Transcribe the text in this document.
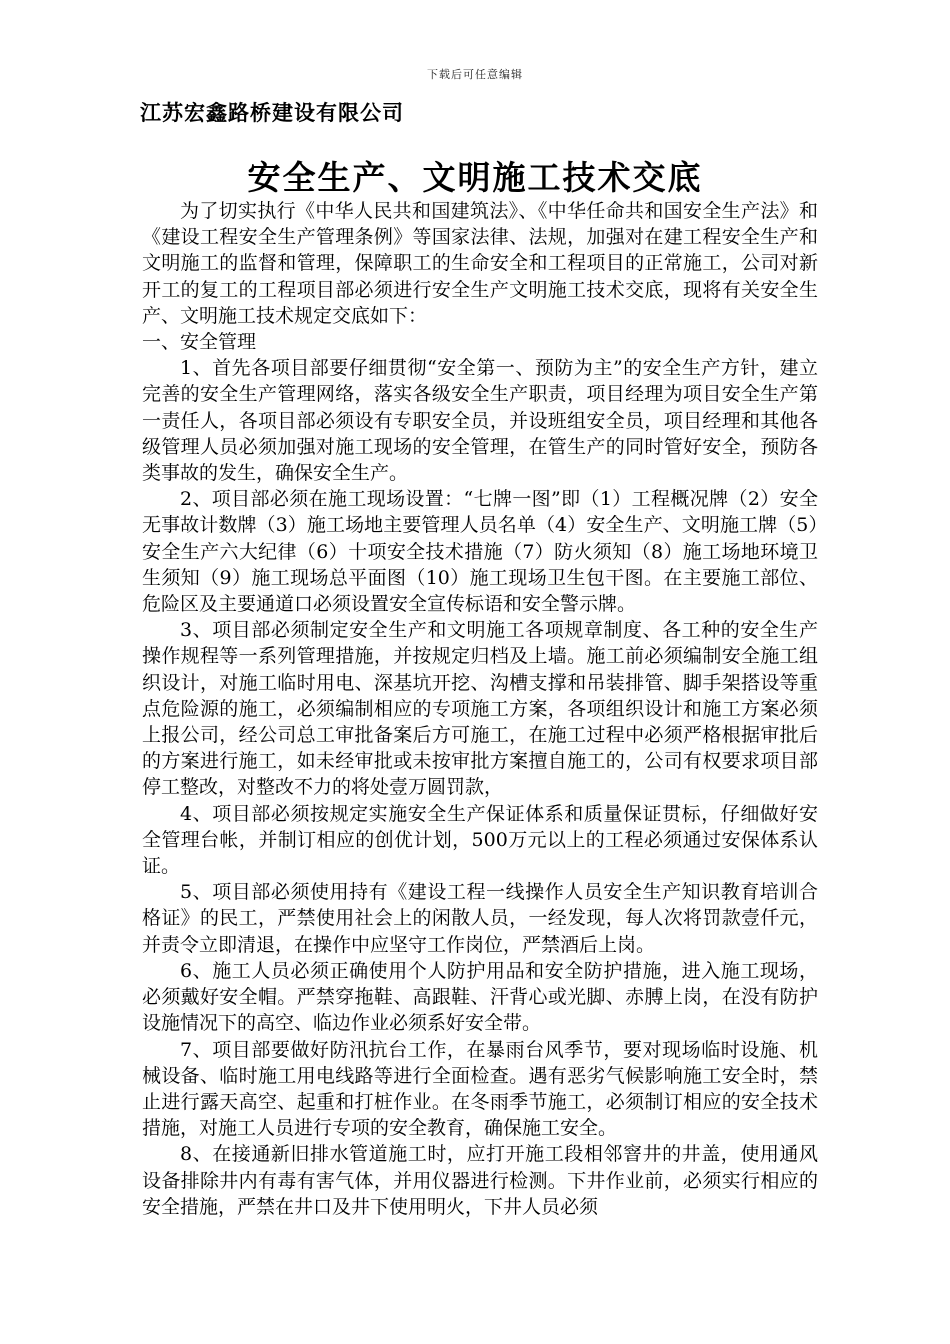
下载后可任意编辑
江苏宏鑫路桥建设有限公司
安全生产、文明施工技术交底

为了切实执行《中华人民共和国建筑法》、《中华任命共和国安全生产法》和《建设工程安全生产管理条例》等国家法律、法规，加强对在建工程安全生产和文明施工的监督和管理，保障职工的生命安全和工程项目的正常施工，公司对新开工的复工的工程项目部必须进行安全生产文明施工技术交底，现将有关安全生产、文明施工技术规定交底如下：

一、安全管理

1、首先各项目部要仔细贯彻“安全第一、预防为主”的安全生产方针，建立完善的安全生产管理网络，落实各级安全生产职责，项目经理为项目安全生产第一责任人，各项目部必须设有专职安全员，并设班组安全员，项目经理和其他各级管理人员必须加强对施工现场的安全管理，在管生产的同时管好安全，预防各类事故的发生，确保安全生产。

2、项目部必须在施工现场设置：“七牌一图”即（1）工程概况牌（2）安全无事故计数牌（3）施工场地主要管理人员名单（4）安全生产、文明施工牌（5）安全生产六大纪律（6）十项安全技术措施（7）防火须知（8）施工场地环境卫生须知（9）施工现场总平面图（10）施工现场卫生包干图。在主要施工部位、危险区及主要通道口必须设置安全宣传标语和安全警示牌。

3、项目部必须制定安全生产和文明施工各项规章制度、各工种的安全生产操作规程等一系列管理措施，并按规定归档及上墙。施工前必须编制安全施工组织设计，对施工临时用电、深基坑开挖、沟槽支撑和吊装排管、脚手架搭设等重点危险源的施工，必须编制相应的专项施工方案，各项组织设计和施工方案必须上报公司，经公司总工审批备案后方可施工，在施工过程中必须严格根据审批后的方案进行施工，如未经审批或未按审批方案擅自施工的，公司有权要求项目部停工整改，对整改不力的将处壹万圆罚款，

4、项目部必须按规定实施安全生产保证体系和质量保证贯标，仔细做好安全管理台帐，并制订相应的创优计划，500万元以上的工程必须通过安保体系认证。

5、项目部必须使用持有《建设工程一线操作人员安全生产知识教育培训合格证》的民工，严禁使用社会上的闲散人员，一经发现，每人次将罚款壹仟元，并责令立即清退，在操作中应坚守工作岗位，严禁酒后上岗。

6、施工人员必须正确使用个人防护用品和安全防护措施，进入施工现场，必须戴好安全帽。严禁穿拖鞋、高跟鞋、汗背心或光脚、赤膊上岗，在没有防护设施情况下的高空、临边作业必须系好安全带。

7、项目部要做好防汛抗台工作，在暴雨台风季节，要对现场临时设施、机械设备、临时施工用电线路等进行全面检查。遇有恶劣气候影响施工安全时，禁止进行露天高空、起重和打桩作业。在冬雨季节施工，必须制订相应的安全技术措施，对施工人员进行专项的安全教育，确保施工安全。

8、在接通新旧排水管道施工时，应打开施工段相邻窨井的井盖，使用通风设备排除井内有毒有害气体，并用仪器进行检测。下井作业前，必须实行相应的安全措施，严禁在井口及井下使用明火，下井人员必须
